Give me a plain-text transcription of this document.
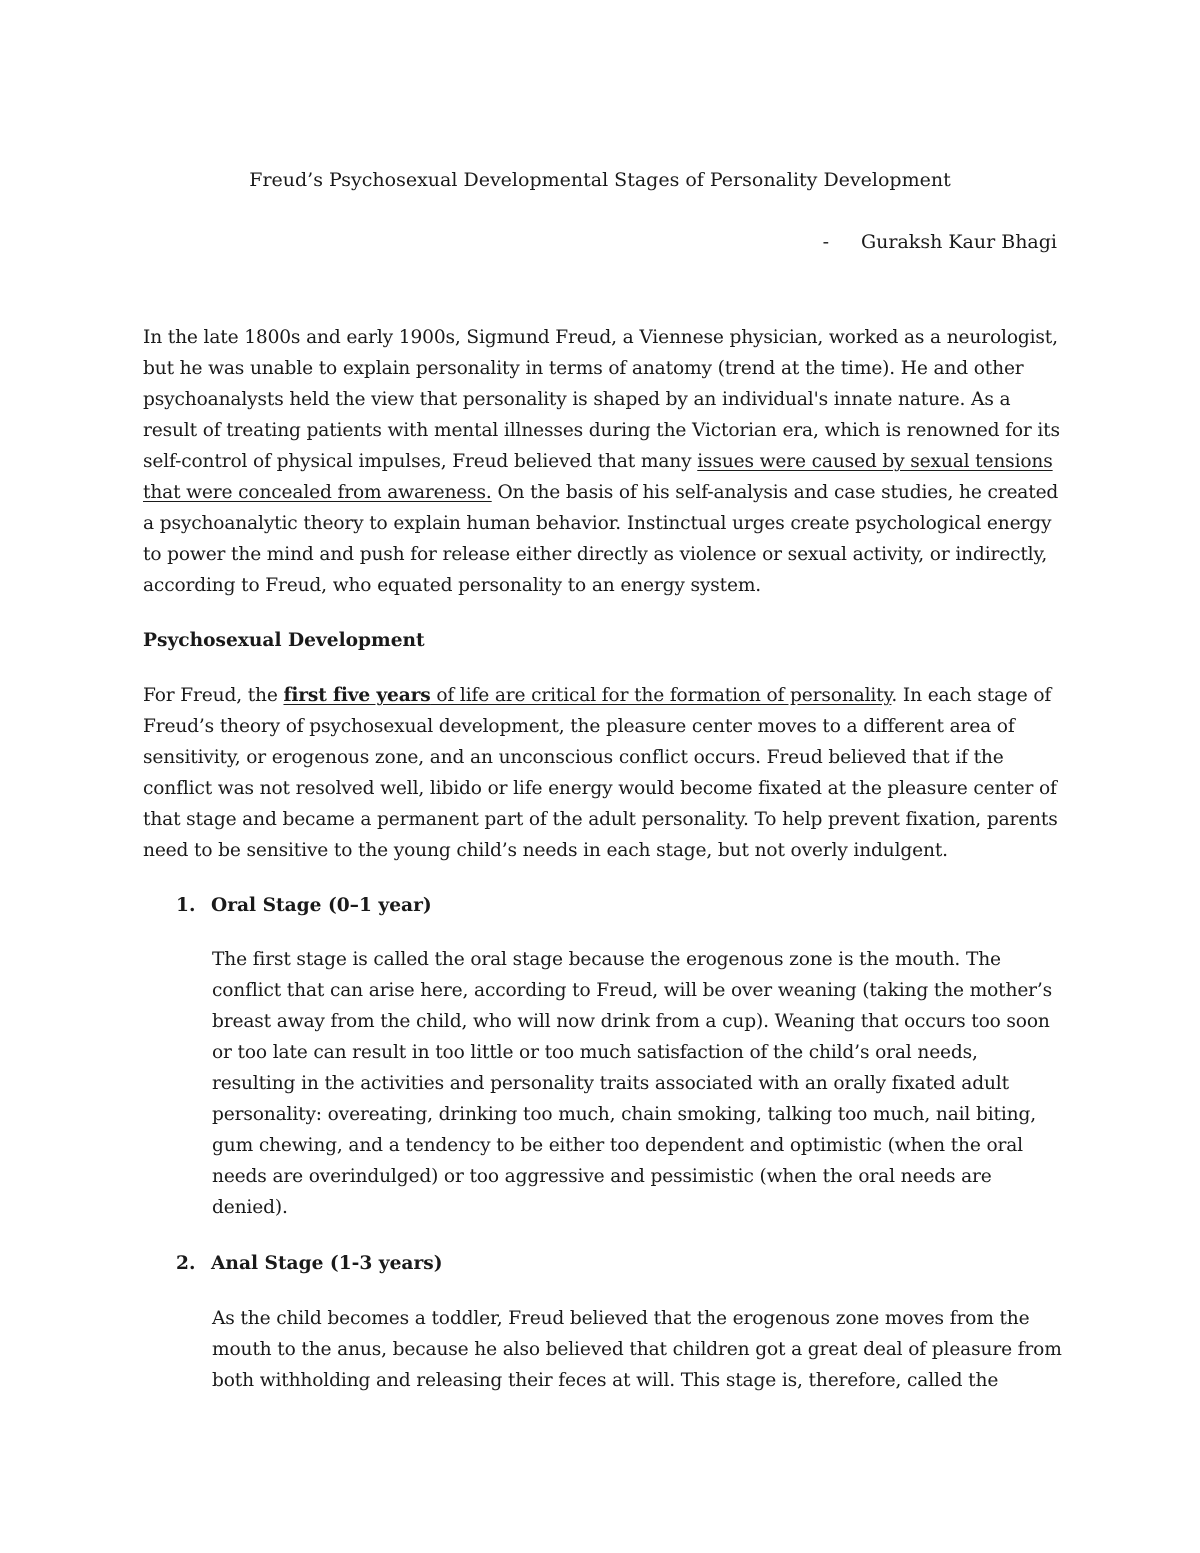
Freud’s Psychosexual Developmental Stages of Personality Development
- Guraksh Kaur Bhagi

In the late 1800s and early 1900s, Sigmund Freud, a Viennese physician, worked as a neurologist, but he was unable to explain personality in terms of anatomy (trend at the time). He and other psychoanalysts held the view that personality is shaped by an individual's innate nature. As a result of treating patients with mental illnesses during the Victorian era, which is renowned for its self-control of physical impulses, Freud believed that many issues were caused by sexual tensions that were concealed from awareness. On the basis of his self-analysis and case studies, he created a psychoanalytic theory to explain human behavior. Instinctual urges create psychological energy to power the mind and push for release either directly as violence or sexual activity, or indirectly, according to Freud, who equated personality to an energy system.

Psychosexual Development

For Freud, the first five years of life are critical for the formation of personality. In each stage of Freud’s theory of psychosexual development, the pleasure center moves to a different area of sensitivity, or erogenous zone, and an unconscious conflict occurs. Freud believed that if the conflict was not resolved well, libido or life energy would become fixated at the pleasure center of that stage and became a permanent part of the adult personality. To help prevent fixation, parents need to be sensitive to the young child’s needs in each stage, but not overly indulgent.

1. Oral Stage (0–1 year)

The first stage is called the oral stage because the erogenous zone is the mouth. The conflict that can arise here, according to Freud, will be over weaning (taking the mother’s breast away from the child, who will now drink from a cup). Weaning that occurs too soon or too late can result in too little or too much satisfaction of the child’s oral needs, resulting in the activities and personality traits associated with an orally fixated adult personality: overeating, drinking too much, chain smoking, talking too much, nail biting, gum chewing, and a tendency to be either too dependent and optimistic (when the oral needs are overindulged) or too aggressive and pessimistic (when the oral needs are denied).

2. Anal Stage (1-3 years)

As the child becomes a toddler, Freud believed that the erogenous zone moves from the mouth to the anus, because he also believed that children got a great deal of pleasure from both withholding and releasing their feces at will. This stage is, therefore, called the
